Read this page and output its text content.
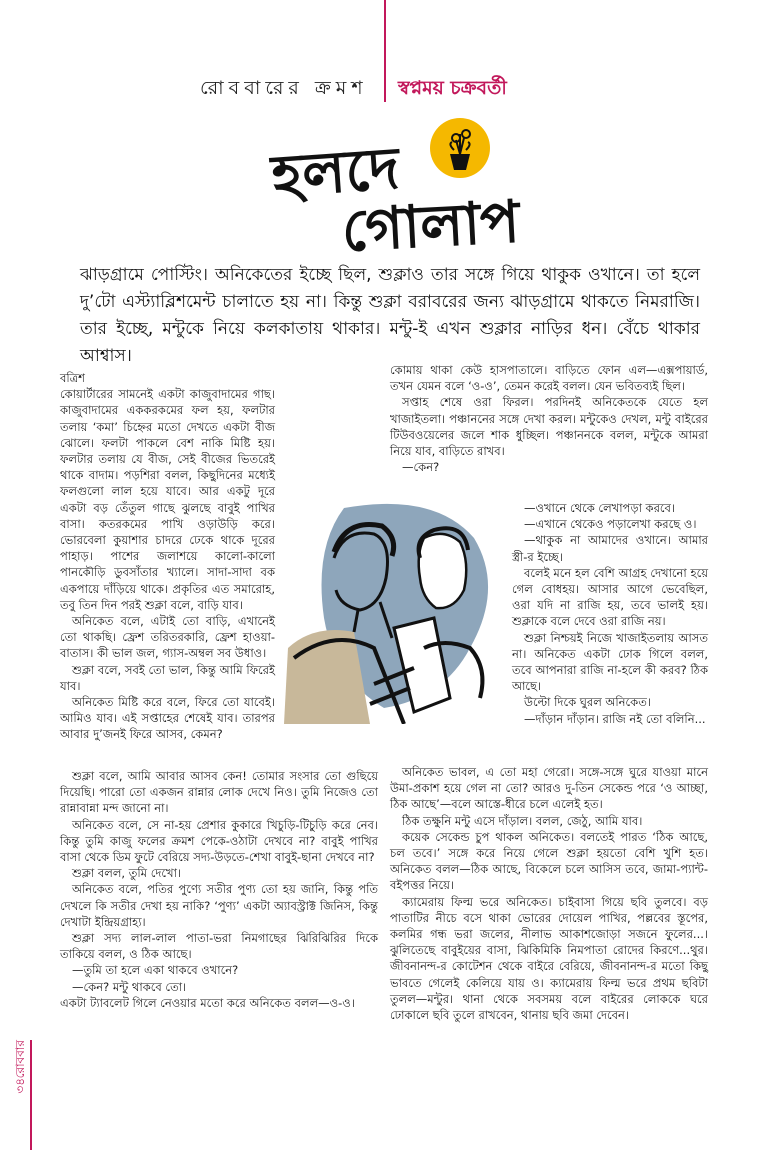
রোববারের ক্রমশ স্বপ্নময় চক্রবর্তী
হলদে
গোলাপ
ঝাড়গ্রামে পোস্টিং। অনিকেতের ইচ্ছে ছিল, শুক্লাও তার সঙ্গে গিয়ে থাকুক ওখানে। তা হলে দু’টো এস্ট্যাব্লিশমেন্ট চালাতে হয় না। কিন্তু শুক্লা বরাবরের জন্য ঝাড়গ্রামে থাকতে নিমরাজি। তার ইচ্ছে, মন্টুকে নিয়ে কলকাতায় থাকার। মন্টু-ই এখন শুক্লার নাড়ির ধন। বেঁচে থাকার আশ্বাস।

বত্রিশ

কোয়ার্টারের সামনেই একটা কাজুবাদামের গাছ। কাজুবাদামের এককরকমের ফল হয়, ফলটার তলায় ‘কমা’ চিহ্নের মতো দেখতে একটা বীজ ঝোলে। ফলটা পাকলে বেশ নাকি মিষ্টি হয়। ফলটার তলায় যে বীজ, সেই বীজের ভিতরেই থাকে বাদাম। পড়শিরা বলল, কিছুদিনের মধ্যেই ফলগুলো লাল হয়ে যাবে। আর একটু দূরে একটা বড় তেঁতুল গাছে ঝুলছে বাবুই পাখির বাসা। কতরকমের পাখি ওড়াউড়ি করে। ভোরবেলা কুয়াশার চাদরে ঢেকে থাকে দূরের পাহাড়। পাশের জলাশয়ে কালো-কালো পানকৌড়ি ডুবসাঁতার খ্যালে। সাদা-সাদা বক একপায়ে দাঁড়িয়ে থাকে। প্রকৃতির এত সমারোহ, তবু তিন দিন পরই শুক্লা বলে, বাড়ি যাব।

অনিকেত বলে, এটাই তো বাড়ি, এখানেই তো থাকছি। ফ্রেশ তরিতরকারি, ফ্রেশ হাওয়া-বাতাস। কী ভাল জল, গ্যাস-অম্বল সব উধাও।

শুক্লা বলে, সবই তো ভাল, কিন্তু আমি ফিরেই যাব।

অনিকেত মিষ্টি করে বলে, ফিরে তো যাবেই। আমিও যাব। এই সপ্তাহের শেষেই যাব। তারপর আবার দু’জনই ফিরে আসব, কেমন?

শুক্লা বলে, আমি আবার আসব কেন! তোমার সংসার তো গুছিয়ে দিয়েছি। পারো তো একজন রান্নার লোক দেখে নিও। তুমি নিজেও তো রান্নাবান্না মন্দ জানো না।

অনিকেত বলে, সে না-হয় প্রেশার কুকারে খিচুড়ি-টিচুড়ি করে নেব। কিন্তু তুমি কাজু ফলের ক্রমশ পেকে-ওঠাটা দেখবে না? বাবুই পাখির বাসা থেকে ডিম ফুটে বেরিয়ে সদ্য-উড়তে-শেখা বাবুই-ছানা দেখবে না?

শুক্লা বলল, তুমি দেখো।

অনিকেত বলে, পতির পুণ্যে সতীর পুণ্য তো হয় জানি, কিন্তু পতি দেখলে কি সতীর দেখা হয় নাকি? ‘পুণ্য’ একটা অ্যাবস্ট্রাক্ট জিনিস, কিন্তু দেখাটা ইন্দ্রিয়গ্রাহ্য।

শুক্লা সদ্য লাল-লাল পাতা-ভরা নিমগাছের ঝিরিঝিরির দিকে তাকিয়ে বলল, ও ঠিক আছে।

—তুমি তা হলে একা থাকবে ওখানে?

—কেন? মন্টু থাকবে তো।

একটা ট্যাবলেট গিলে নেওয়ার মতো করে অনিকেত বলল—ও-ও।

কোমায় থাকা কেউ হাসপাতালে। বাড়িতে ফোন এল—এক্সপায়ার্ড, তখন যেমন বলে ‘ও-ও’, তেমন করেই বলল। যেন ভবিতব্যই ছিল।

সপ্তাহ শেষে ওরা ফিরল। পরদিনই অনিকেতকে যেতে হল খাজাইতলা। পঞ্চাননের সঙ্গে দেখা করল। মন্টুকেও দেখল, মন্টু বাইরের টিউবওয়েলের জলে শাক ধুচ্ছিল। পঞ্চাননকে বলল, মন্টুকে আমরা নিয়ে যাব, বাড়িতে রাখব।

—কেন?

—ওখানে থেকে লেখাপড়া করবে।

—এখানে থেকেও পড়ালেখা করছে ও।

—থাকুক না আমাদের ওখানে। আমার স্ত্রী-র ইচ্ছে।

বলেই মনে হল বেশি আগ্রহ দেখানো হয়ে গেল বোধহয়। আসার আগে ভেবেছিল, ওরা যদি না রাজি হয়, তবে ভালই হয়। শুক্লাকে বলে দেবে ওরা রাজি নয়।

শুক্লা নিশ্চয়ই নিজে খাজাইতলায় আসত না। অনিকেত একটা ঢোক গিলে বলল, তবে আপনারা রাজি না-হলে কী করব? ঠিক আছে।

উল্টো দিকে ঘুরল অনিকেত।

—দাঁড়ান দাঁড়ান। রাজি নই তো বলিনি...

অনিকেত ভাবল, এ তো মহা গেরো। সঙ্গে-সঙ্গে ঘুরে যাওয়া মানে উমা-প্রকাশ হয়ে গেল না তো? আরও দু-তিন সেকেন্ড পরে ‘ও আচ্ছা, ঠিক আছে’—বলে আস্তে-ধীরে চলে এলেই হত।

ঠিক তক্ষুনি মন্টু এসে দাঁড়াল। বলল, জেঠু, আমি যাব।

কয়েক সেকেন্ড চুপ থাকল অনিকেত। বলতেই পারত ‘ঠিক আছে, চল তবে।’ সঙ্গে করে নিয়ে গেলে শুক্লা হয়তো বেশি খুশি হত। অনিকেত বলল—ঠিক আছে, বিকেলে চলে আসিস তবে, জামা-প্যান্ট-বইপত্তর নিয়ে।

ক্যামেরায় ফিল্ম ভরে অনিকেত। চাইবাসা গিয়ে ছবি তুলবে। বড় পাতাটির নীচে বসে থাকা ভোরের দোয়েল পাখির, পল্লবের স্তূপের, কলমির গন্ধ ভরা জলের, নীলাভ আকাশজোড়া সজনে ফুলের...। ঝুলিতেছে বাবুইয়ের বাসা, ঝিকিমিকি নিমপাতা রোদের কিরণে...থুর। জীবনানন্দ-র কোটেশন থেকে বাইরে বেরিয়ে, জীবনানন্দ-র মতো কিছু ভাবতে গেলেই কেলিয়ে যায় ও। ক্যামেরায় ফিল্ম ভরে প্রথম ছবিটা তুলল—মন্টুর। থানা থেকে সবসময় বলে বাইরের লোককে ঘরে ঢোকালে ছবি তুলে রাখবেন, থানায় ছবি জমা দেবেন।

রোববার
৩৪
